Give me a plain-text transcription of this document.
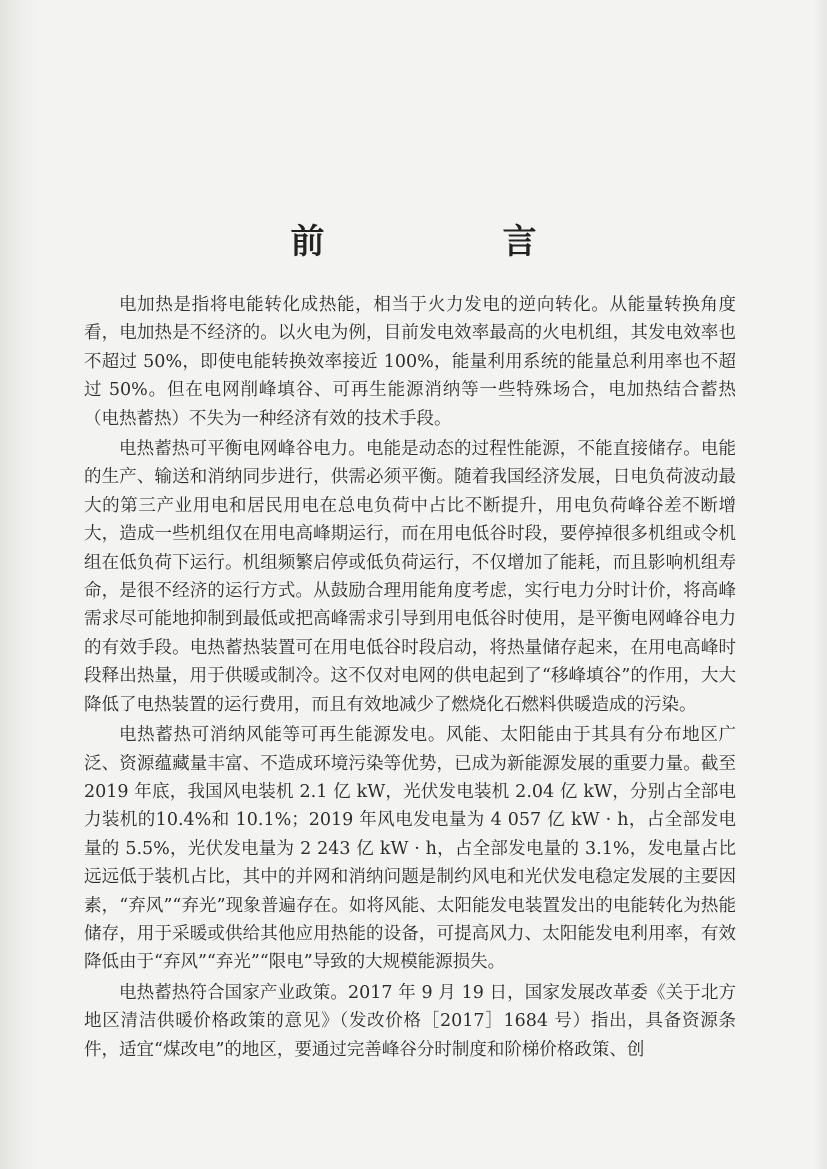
前　言

电加热是指将电能转化成热能，相当于火力发电的逆向转化。从能量转换角度看，电加热是不经济的。以火电为例，目前发电效率最高的火电机组，其发电效率也不超过 50%，即使电能转换效率接近 100%，能量利用系统的能量总利用率也不超过 50%。但在电网削峰填谷、可再生能源消纳等一些特殊场合，电加热结合蓄热（电热蓄热）不失为一种经济有效的技术手段。

电热蓄热可平衡电网峰谷电力。电能是动态的过程性能源，不能直接储存。电能的生产、输送和消纳同步进行，供需必须平衡。随着我国经济发展，日电负荷波动最大的第三产业用电和居民用电在总电负荷中占比不断提升，用电负荷峰谷差不断增大，造成一些机组仅在用电高峰期运行，而在用电低谷时段，要停掉很多机组或令机组在低负荷下运行。机组频繁启停或低负荷运行，不仅增加了能耗，而且影响机组寿命，是很不经济的运行方式。从鼓励合理用能角度考虑，实行电力分时计价，将高峰需求尽可能地抑制到最低或把高峰需求引导到用电低谷时使用，是平衡电网峰谷电力的有效手段。电热蓄热装置可在用电低谷时段启动，将热量储存起来，在用电高峰时段释出热量，用于供暖或制冷。这不仅对电网的供电起到了“移峰填谷”的作用，大大降低了电热装置的运行费用，而且有效地减少了燃烧化石燃料供暖造成的污染。

电热蓄热可消纳风能等可再生能源发电。风能、太阳能由于其具有分布地区广泛、资源蕴藏量丰富、不造成环境污染等优势，已成为新能源发展的重要力量。截至 2019 年底，我国风电装机 2.1 亿 kW，光伏发电装机 2.04 亿 kW，分别占全部电力装机的10.4%和 10.1%；2019 年风电发电量为 4 057 亿 kW · h，占全部发电量的 5.5%，光伏发电量为 2 243 亿 kW · h，占全部发电量的 3.1%，发电量占比远远低于装机占比，其中的并网和消纳问题是制约风电和光伏发电稳定发展的主要因素，“弃风”“弃光”现象普遍存在。如将风能、太阳能发电装置发出的电能转化为热能储存，用于采暖或供给其他应用热能的设备，可提高风力、太阳能发电利用率，有效降低由于“弃风”“弃光”“限电”导致的大规模能源损失。

电热蓄热符合国家产业政策。2017 年 9 月 19 日，国家发展改革委《关于北方地区清洁供暖价格政策的意见》（发改价格［2017］1684 号）指出，具备资源条件，适宜“煤改电”的地区，要通过完善峰谷分时制度和阶梯价格政策、创
